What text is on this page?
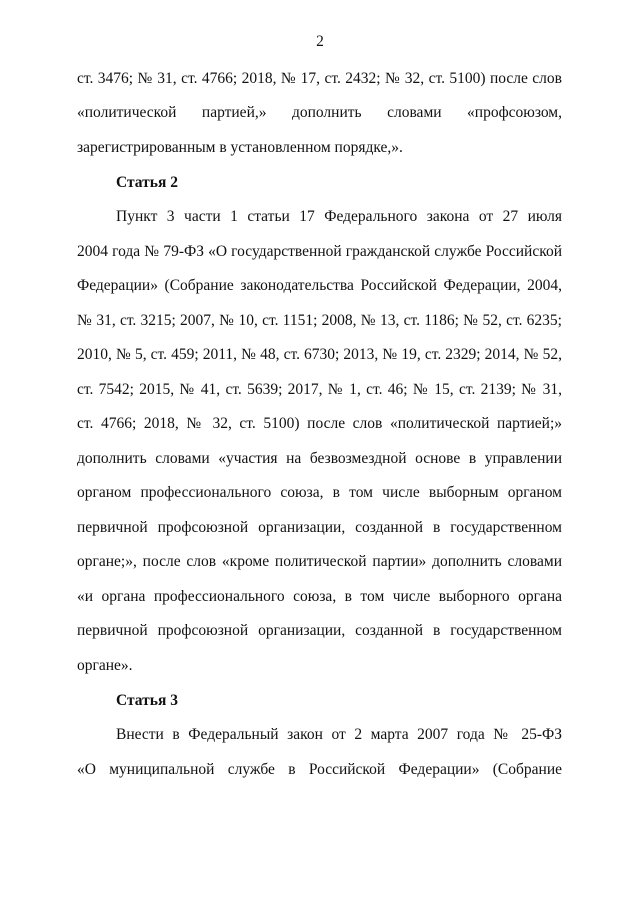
2
ст. 3476; № 31, ст. 4766; 2018, № 17, ст. 2432; № 32, ст. 5100) после слов
«политической партией,» дополнить словами «профсоюзом,
зарегистрированным в установленном порядке,».
Статья 2
Пункт 3 части 1 статьи 17 Федерального закона от 27 июля
2004 года № 79-ФЗ «О государственной гражданской службе Российской
Федерации» (Собрание законодательства Российской Федерации, 2004,
№ 31, ст. 3215; 2007, № 10, ст. 1151; 2008, № 13, ст. 1186; № 52, ст. 6235;
2010, № 5, ст. 459; 2011, № 48, ст. 6730; 2013, № 19, ст. 2329; 2014, № 52,
ст. 7542; 2015, № 41, ст. 5639; 2017, № 1, ст. 46; № 15, ст. 2139; № 31,
ст. 4766; 2018, № 32, ст. 5100) после слов «политической партией;»
дополнить словами «участия на безвозмездной основе в управлении
органом профессионального союза, в том числе выборным органом
первичной профсоюзной организации, созданной в государственном
органе;», после слов «кроме политической партии» дополнить словами
«и органа профессионального союза, в том числе выборного органа
первичной профсоюзной организации, созданной в государственном
органе».
Статья 3
Внести в Федеральный закон от 2 марта 2007 года № 25-ФЗ
«О муниципальной службе в Российской Федерации» (Собрание
